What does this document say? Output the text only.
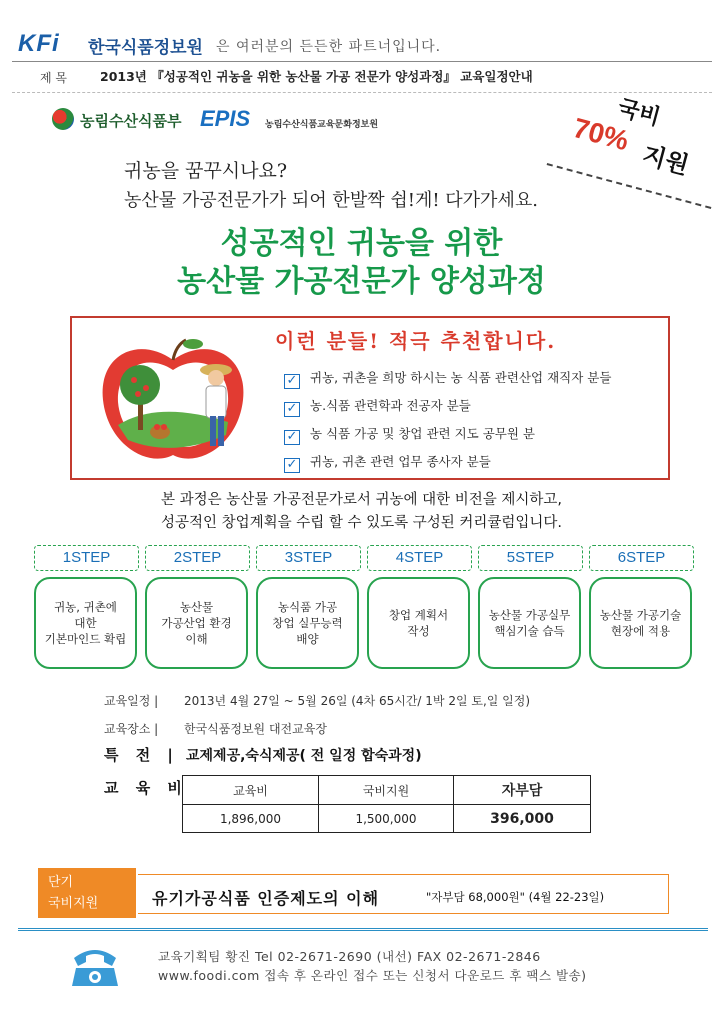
KFi 한국식품정보원 은 여러분의 든든한 파트너입니다.
제 목	2013년 『성공적인 귀농을 위한 농산물 가공 전문가 양성과정』 교육일정안내
농림수산식품부 EPIS 농림수산식품교육문화정보원	국비
70%
지원
귀농을 꿈꾸시나요?
농산물 가공전문가가 되어 한발짝 쉽!게! 다가가세요.
성공적인 귀농을 위한
농산물 가공전문가 양성과정
이런 분들! 적극 추천합니다.
✓ 귀농, 귀촌을 희망 하시는 농 식품 관련산업 재직자 분들
✓ 농.식품 관련학과 전공자 분들
✓ 농 식품 가공 및 창업 관련 지도 공무원 분
✓ 귀농, 귀촌 관련 업무 종사자 분들
본 과정은 농산물 가공전문가로서 귀농에 대한 비전을 제시하고,
성공적인 창업계획을 수립 할 수 있도록 구성된 커리큘럼입니다.
1STEP	2STEP	3STEP	4STEP	5STEP	6STEP
귀농, 귀촌에
대한
기본마인드 확립
농산물
가공산업 환경
이해
농식품 가공
창업 실무능력
배양
창업 계획서
작성
농산물 가공실무
핵심기술 습득
농산물 가공기술
현장에 적용
교육일정 | 2013년 4월 27일 ~ 5월 26일 (4차 65시간/ 1박 2일 토,일 일정)
교육장소 | 한국식품정보원 대전교육장
특 전 | 교제제공,숙식제공( 전 일정 합숙과정)
교 육 비	교육비	국비지원	자부담
1,896,000	1,500,000	396,000
단기
국비지원	유기가공식품 인증제도의 이해	"자부담 68,000원" (4월 22-23일)
교육기획팀 황진 Tel 02-2671-2690 (내선) FAX 02-2671-2846
www.foodi.com 접속 후 온라인 접수 또는 신청서 다운로드 후 팩스 발송)
